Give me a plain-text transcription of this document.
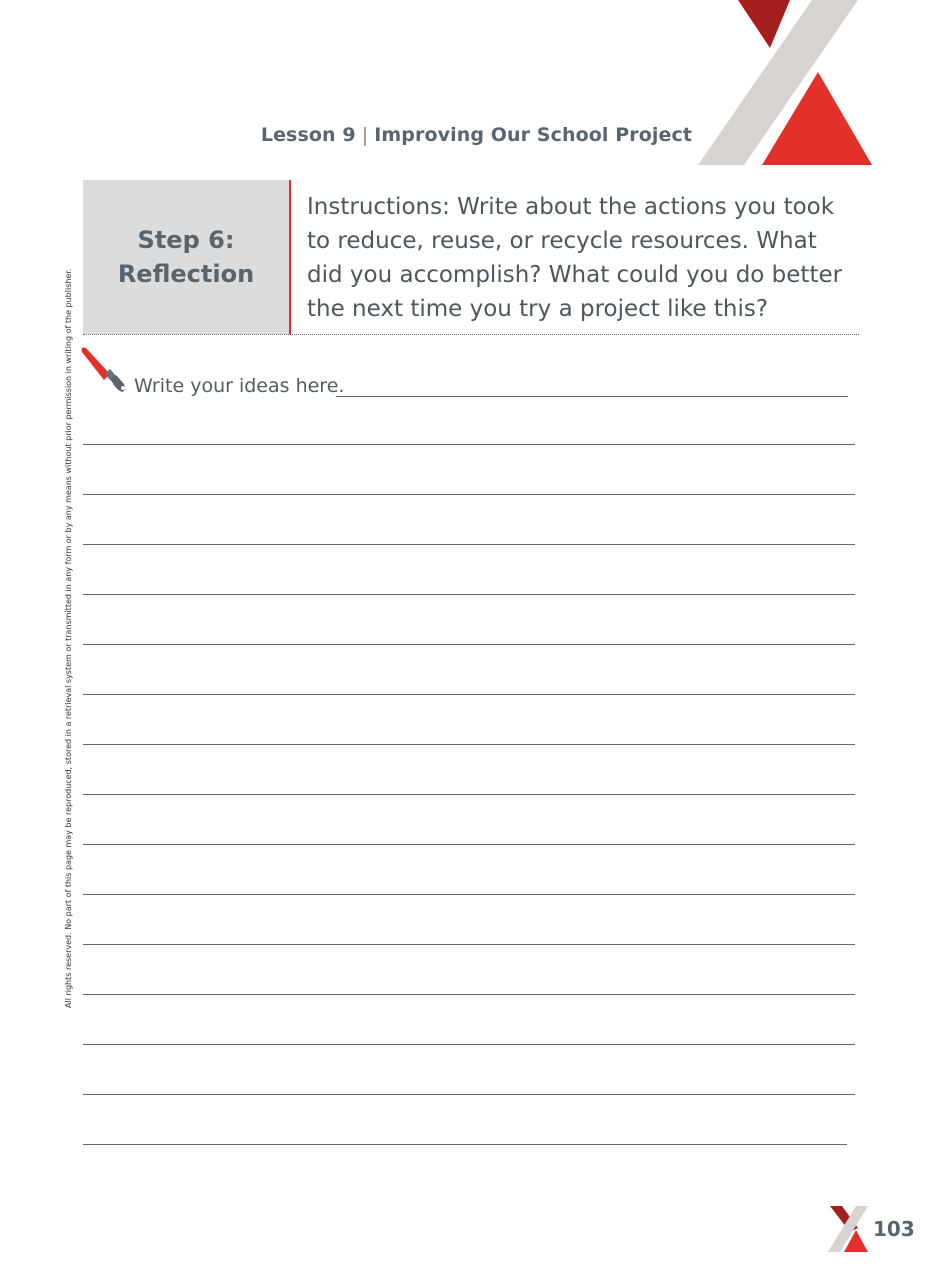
Lesson 9 | Improving Our School Project
All rights reserved. No part of this page may be reproduced, stored in a retrieval system or transmitted in any form or by any means without prior permission in writing of the publisher.
Step 6:
Reflection
Instructions: Write about the actions you took
to reduce, reuse, or recycle resources. What
did you accomplish? What could you do better
the next time you try a project like this?
Write your ideas here.
103
